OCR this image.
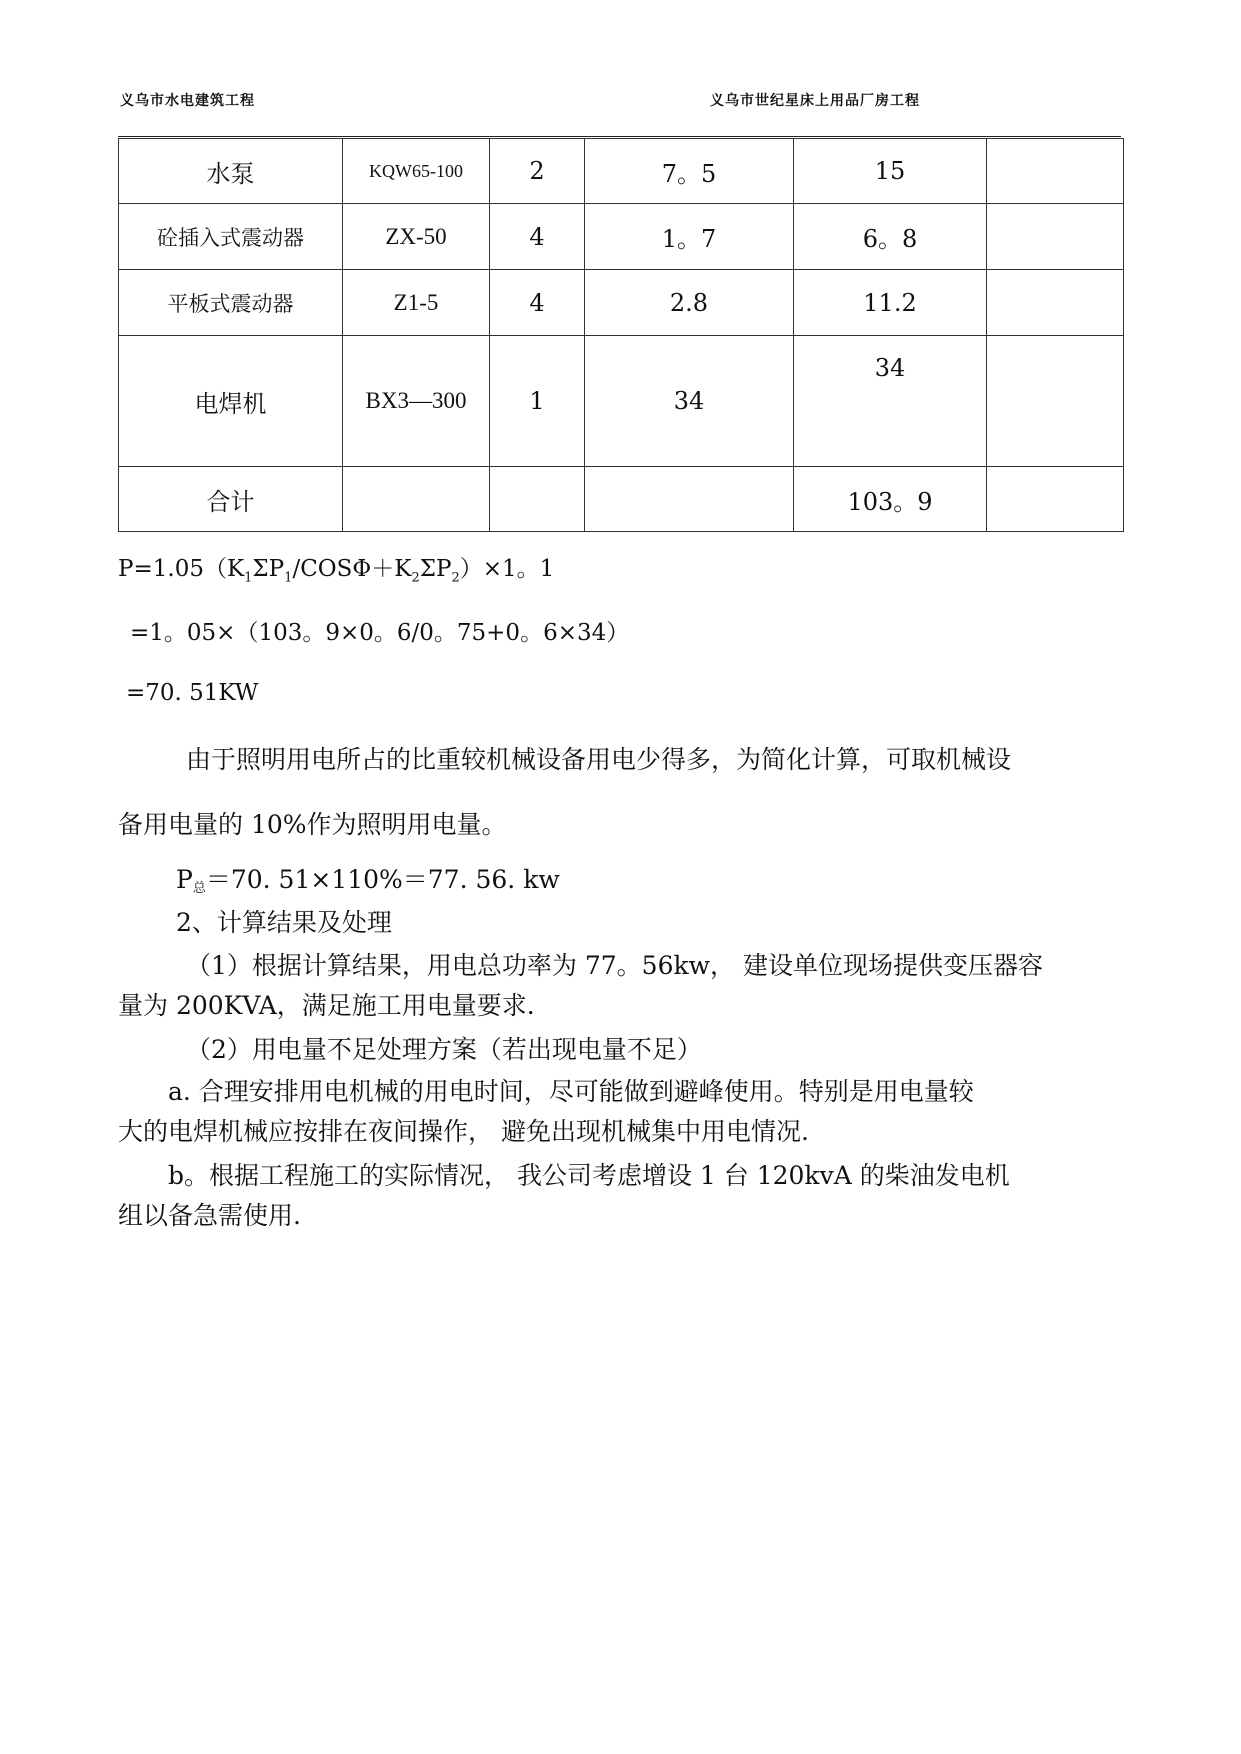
义乌市水电建筑工程	义乌市世纪星床上用品厂房工程
水泵	KQW65-100	2	7。5	15	
砼插入式震动器	ZX-50	4	1。7	6。8	
平板式震动器	Z1-5	4	2.8	11.2	
电焊机	BX3—300	1	34	34	
合计				103。9	
$P=1.05(K_1\Sigma P_1/COS\Phi+K_2\Sigma P_2)\times 1$。1
=1。05×（103。9×0。6/0。75+0。6×34）
=70. 51KW
由于照明用电所占的比重较机械设备用电少得多，为简化计算，可取机械设
备用电量的 10%作为照明用电量。
P总＝70. 51×110%＝77. 56. kw
2、计算结果及处理
（1）根据计算结果，用电总功率为 77。56kw， 建设单位现场提供变压器容
量为 200KVA，满足施工用电量要求.
（2）用电量不足处理方案（若出现电量不足）
a. 合理安排用电机械的用电时间，尽可能做到避峰使用。特别是用电量较
大的电焊机械应按排在夜间操作， 避免出现机械集中用电情况.
b。根据工程施工的实际情况， 我公司考虑增设 1 台 120kvA 的柴油发电机
组以备急需使用.
